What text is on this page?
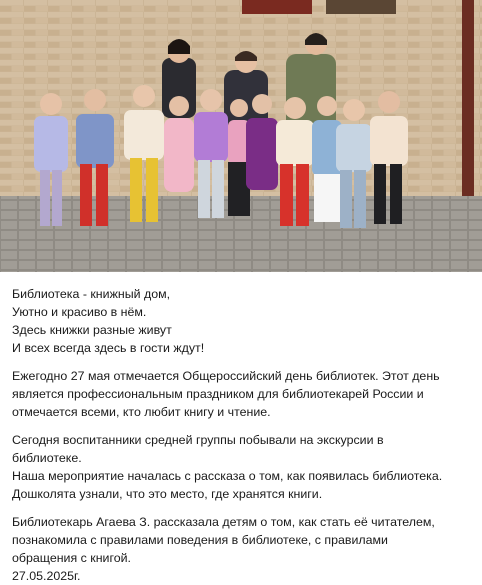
Библиотека - книжный дом,
Уютно и красиво в нём.
Здесь книжки разные живут
И всех всегда здесь в гости ждут!
Ежегодно 27 мая отмечается Общероссийский день библиотек. Этот день
является профессиональным праздником для библиотекарей России и
отмечается всеми, кто любит книгу и чтение.
Сегодня воспитанники средней группы побывали на экскурсии в
библиотеке.
Наша мероприятие началась с рассказа о том, как появилась библиотека.
Дошколята узнали, что это место, где хранятся книги.
Библиотекарь Агаева З. рассказала детям о том, как стать её читателем,
познакомила с правилами поведения в библиотеке, с правилами
обращения с книгой.
27.05.2025г.
